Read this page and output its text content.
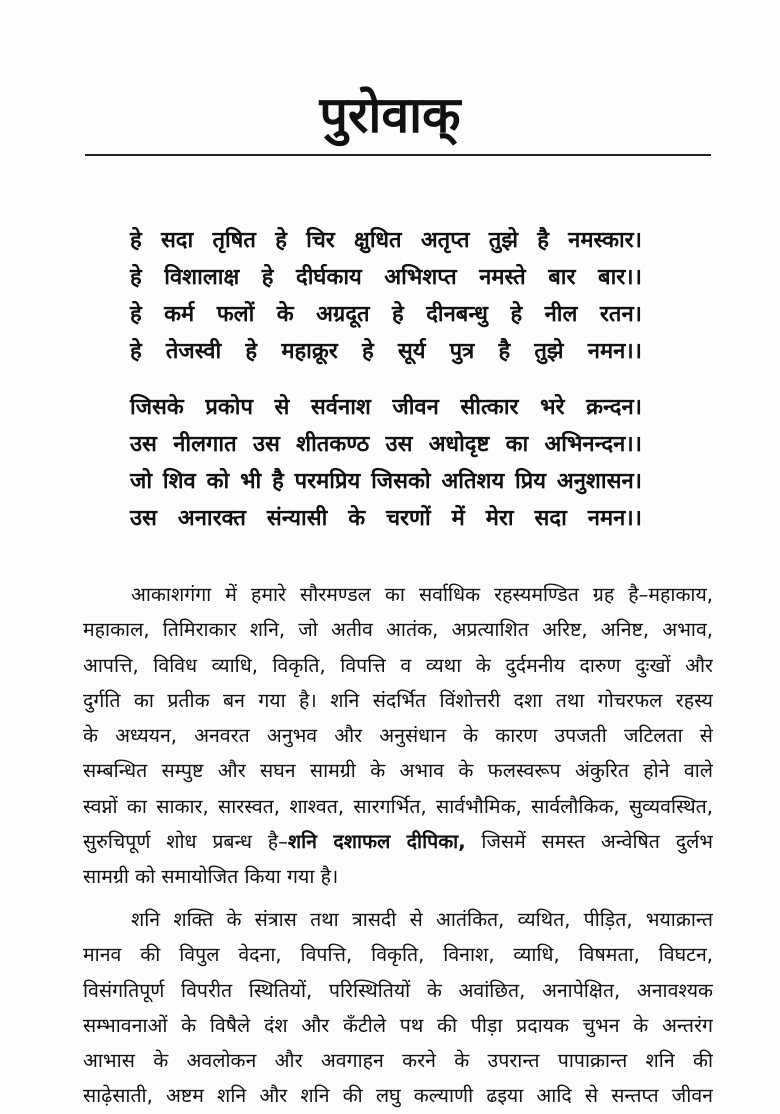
पुरोवाक्
हे सदा तृषित हे चिर क्षुधित अतृप्त तुझे है नमस्कार।
हे विशालाक्ष हे दीर्घकाय अभिशप्त नमस्ते बार बार।।
हे कर्म फलों के अग्रदूत हे दीनबन्धु हे नील रतन।
हे तेजस्वी हे महाक्रूर हे सूर्य पुत्र है तुझे नमन।।
जिसके प्रकोप से सर्वनाश जीवन सीत्कार भरे क्रन्दन।
उस नीलगात उस शीतकण्ठ उस अधोदृष्ट का अभिनन्दन।।
जो शिव को भी है परमप्रिय जिसको अतिशय प्रिय अनुशासन।
उस अनारक्त संन्यासी के चरणों में मेरा सदा नमन।।
आकाशगंगा में हमारे सौरमण्डल का सर्वाधिक रहस्यमण्डित ग्रह है–महाकाय,
महाकाल, तिमिराकार शनि, जो अतीव आतंक, अप्रत्याशित अरिष्ट, अनिष्ट, अभाव,
आपत्ति, विविध व्याधि, विकृति, विपत्ति व व्यथा के दुर्दमनीय दारुण दुःखों और
दुर्गति का प्रतीक बन गया है। शनि संदर्भित विंशोत्तरी दशा तथा गोचरफल रहस्य
के अध्ययन, अनवरत अनुभव और अनुसंधान के कारण उपजती जटिलता से
सम्बन्धित सम्पुष्ट और सघन सामग्री के अभाव के फलस्वरूप अंकुरित होने वाले
स्वप्नों का साकार, सारस्वत, शाश्वत, सारगर्भित, सार्वभौमिक, सार्वलौकिक, सुव्यवस्थित,
सुरुचिपूर्ण शोध प्रबन्ध है–शनि दशाफल दीपिका, जिसमें समस्त अन्वेषित दुर्लभ
सामग्री को समायोजित किया गया है।
शनि शक्ति के संत्रास तथा त्रासदी से आतंकित, व्यथित, पीड़ित, भयाक्रान्त
मानव की विपुल वेदना, विपत्ति, विकृति, विनाश, व्याधि, विषमता, विघटन,
विसंगतिपूर्ण विपरीत स्थितियों, परिस्थितियों के अवांछित, अनापेक्षित, अनावश्यक
सम्भावनाओं के विषैले दंश और कँटीले पथ की पीड़ा प्रदायक चुभन के अन्तरंग
आभास के अवलोकन और अवगाहन करने के उपरान्त पापाक्रान्त शनि की
साढ़ेसाती, अष्टम शनि और शनि की लघु कल्याणी ढइया आदि से सन्तप्त जीवन
